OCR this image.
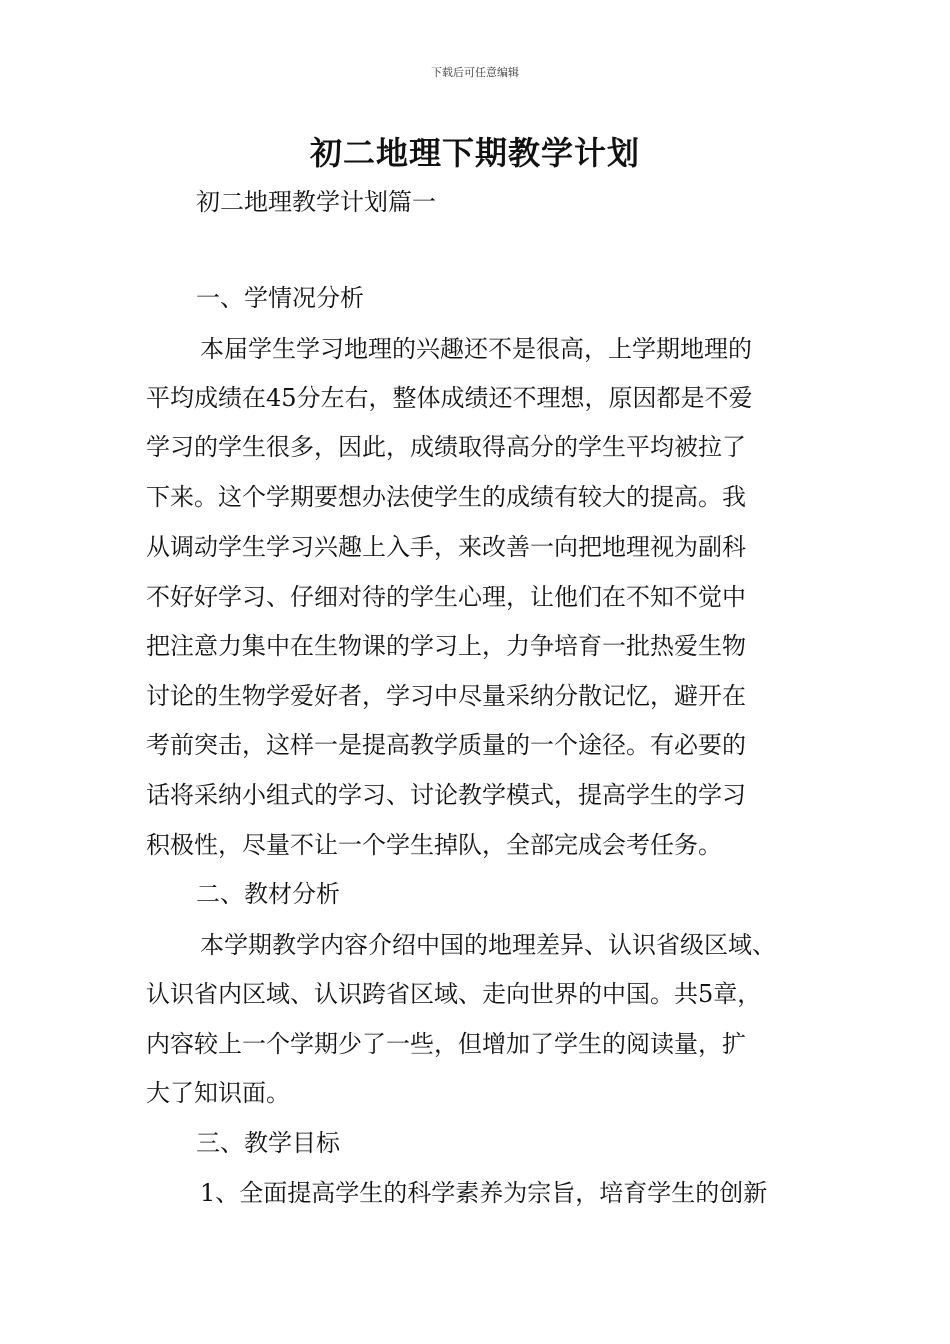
下载后可任意编辑
初二地理下期教学计划
初二地理教学计划篇一
一、学情况分析
本届学生学习地理的兴趣还不是很高，上学期地理的
平均成绩在45分左右，整体成绩还不理想，原因都是不爱
学习的学生很多，因此，成绩取得高分的学生平均被拉了
下来。这个学期要想办法使学生的成绩有较大的提高。我
从调动学生学习兴趣上入手，来改善一向把地理视为副科
不好好学习、仔细对待的学生心理，让他们在不知不觉中
把注意力集中在生物课的学习上，力争培育一批热爱生物
讨论的生物学爱好者，学习中尽量采纳分散记忆，避开在
考前突击，这样一是提高教学质量的一个途径。有必要的
话将采纳小组式的学习、讨论教学模式，提高学生的学习
积极性，尽量不让一个学生掉队，全部完成会考任务。
二、教材分析
本学期教学内容介绍中国的地理差异、认识省级区域、
认识省内区域、认识跨省区域、走向世界的中国。共5章，
内容较上一个学期少了一些，但增加了学生的阅读量，扩
大了知识面。
三、教学目标
1、全面提高学生的科学素养为宗旨，培育学生的创新
